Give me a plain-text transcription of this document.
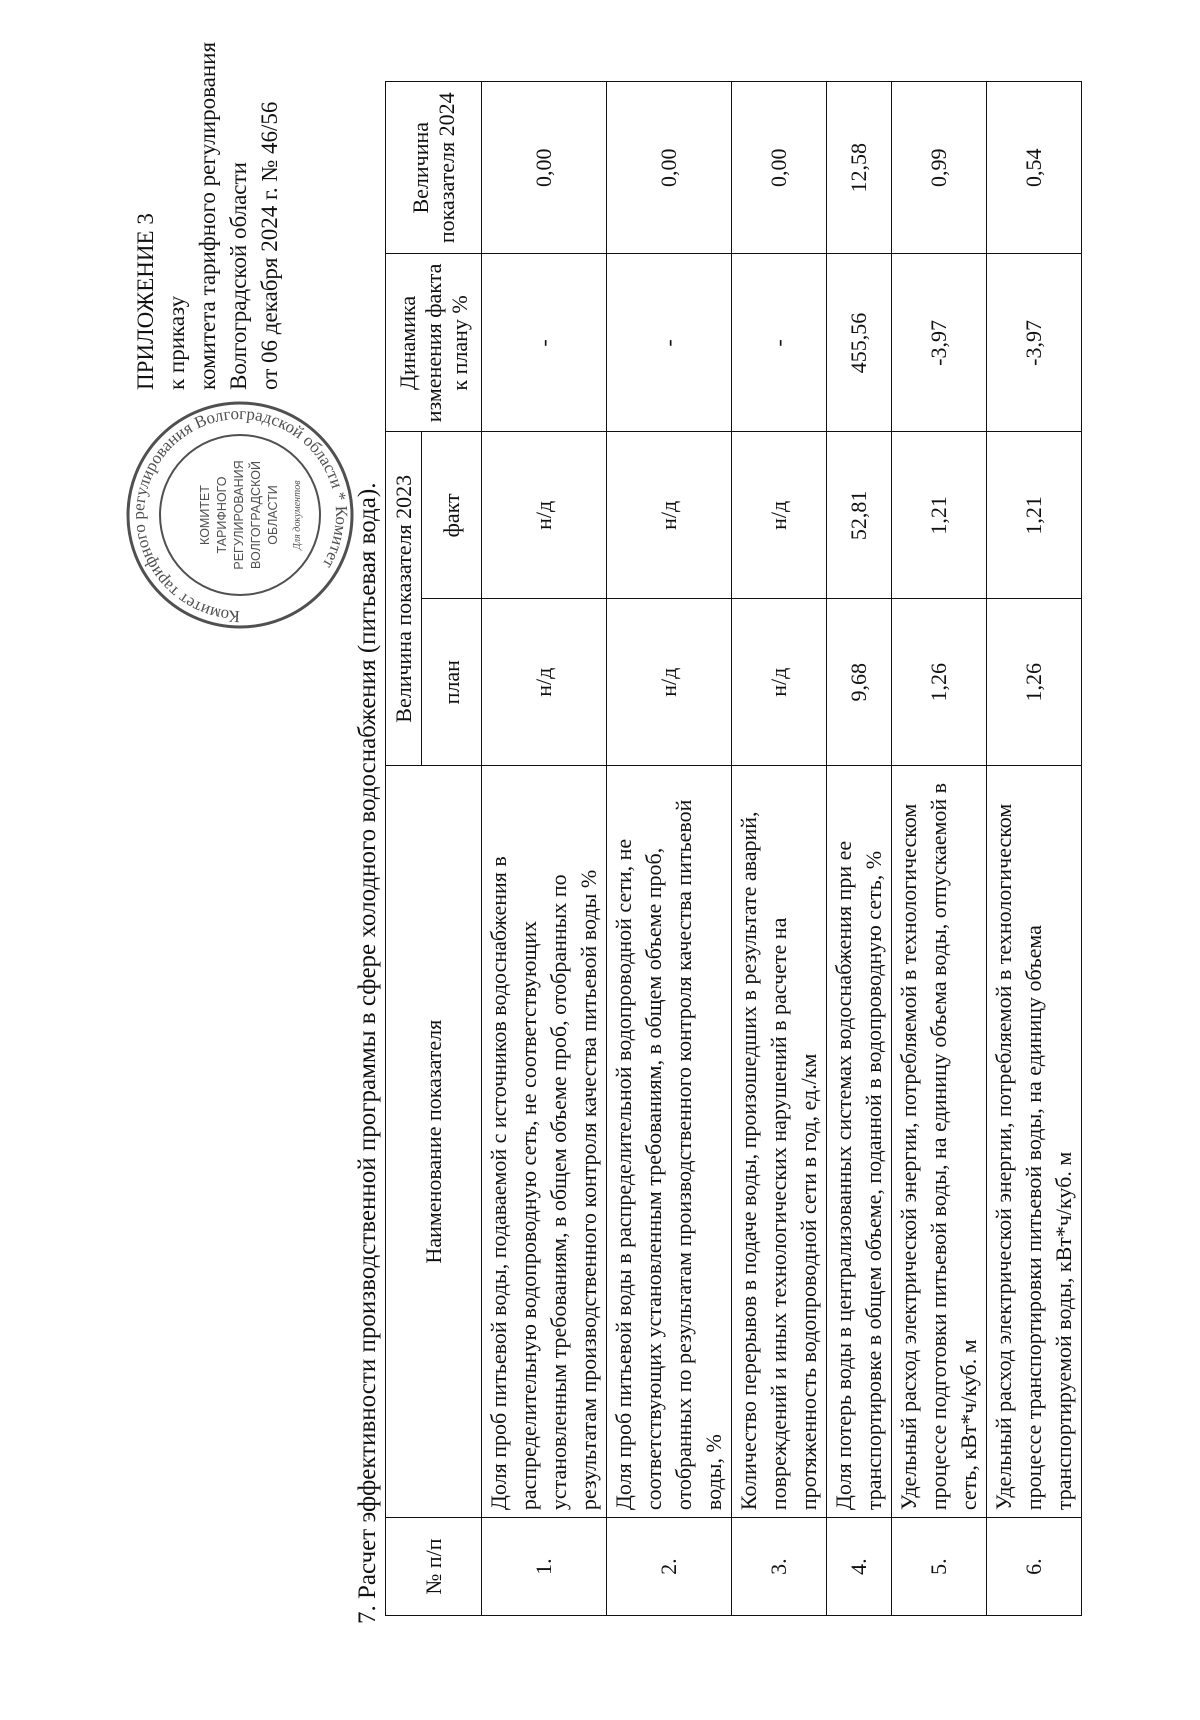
ПРИЛОЖЕНИЕ 3 к приказу комитета тарифного регулирования Волгоградской области от 06 декабря 2024 г. № 46/56
Комитет тарифного регулирования Волгоградской области * Комитет
КОМИТЕТ ТАРИФНОГО РЕГУЛИРОВАНИЯ ВОЛГОГРАДСКОЙ ОБЛАСТИ Для документов 7. Расчет эффективности производственной программы в сфере холодного водоснабжения (питьевая вода). № п/п	Наименование показателя	Величина показателя 2023		Динамика изменения факта к плану %	Величина показателя 2024
		план	факт		
1.	Доля проб питьевой воды, подаваемой с источников водоснабжения в распределительную водопроводную сеть, не соответствующих установленным требованиям, в общем объеме проб, отобранных по результатам производственного контроля качества питьевой воды %	н/д	н/д	-	0,00
2.	Доля проб питьевой воды в распределительной водопроводной сети, не соответствующих установленным требованиям, в общем объеме проб, отобранных по результатам производственного контроля качества питьевой воды, %	н/д	н/д	-	0,00
3.	Количество перерывов в подаче воды, произошедших в результате аварий, повреждений и иных технологических нарушений в расчете на протяженность водопроводной сети в год, ед./км	н/д	н/д	-	0,00
4.	Доля потерь воды в централизованных системах водоснабжения при ее транспортировке в общем объеме, поданной в водопроводную сеть, %	9,68	52,81	455,56	12,58
5.	Удельный расход электрической энергии, потребляемой в технологическом процессе подготовки питьевой воды, на единицу объема воды, отпускаемой в сеть, кВт*ч/куб. м	1,26	1,21	-3,97	0,99
6.	Удельный расход электрической энергии, потребляемой в технологическом процессе транспортировки питьевой воды, на единицу объема транспортируемой воды, кВт*ч/куб. м	1,26	1,21	-3,97	0,54
